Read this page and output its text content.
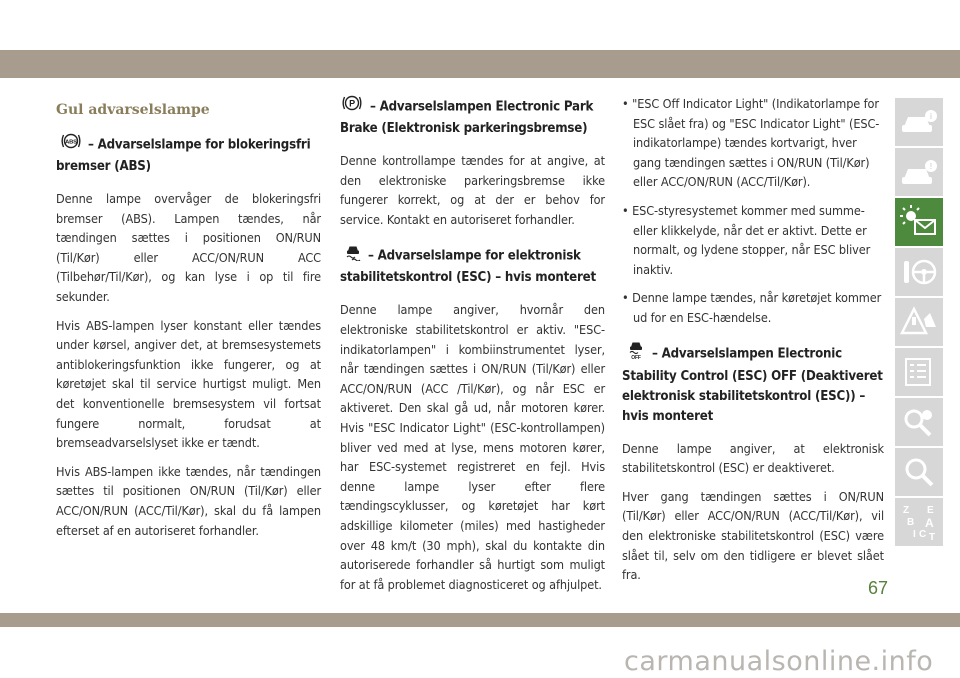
Gul advarselslampe
ABS – Advarselslampe for blokeringsfri bremser (ABS)

Denne lampe overvåger de blokeringsfri bremser (ABS). Lampen tændes, når tændingen sættes i positionen ON/RUN (Til/Kør) eller ACC/ON/RUN ACC (Tilbehør/Til/Kør), og kan lyse i op til fire sekunder.

Hvis ABS-lampen lyser konstant eller tændes under kørsel, angiver det, at bremsesystemets antiblokeringsfunktion ikke fungerer, og at køretøjet skal til service hurtigst muligt. Men det konventionelle bremsesystem vil fortsat fungere normalt, forudsat at bremseadvarselslyset ikke er tændt.

Hvis ABS-lampen ikke tændes, når tændingen sættes til positionen ON/RUN (Til/Kør) eller ACC/ON/RUN (ACC/Til/Kør), skal du få lampen efterset af en autoriseret forhandler.

P – Advarselslampen Electronic Park Brake (Elektronisk parkeringsbremse)

Denne kontrollampe tændes for at angive, at den elektroniske parkeringsbremse ikke fungerer korrekt, og at der er behov for service. Kontakt en autoriseret forhandler.

– Advarselslampe for elektronisk stabilitetskontrol (ESC) – hvis monteret

Denne lampe angiver, hvornår den elektroniske stabilitetskontrol er aktiv. "ESC-indikatorlampen" i kombiinstrumentet lyser, når tændingen sættes i ON/RUN (Til/Kør) eller ACC/ON/RUN (ACC /Til/Kør), og når ESC er aktiveret. Den skal gå ud, når motoren kører. Hvis "ESC Indicator Light" (ESC-kontrollampen) bliver ved med at lyse, mens motoren kører, har ESC-systemet registreret en fejl. Hvis denne lampe lyser efter flere tændingscyklusser, og køretøjet har kørt adskillige kilometer (miles) med hastigheder over 48 km/t (30 mph), skal du kontakte din autoriserede forhandler så hurtigt som muligt for at få problemet diagnosticeret og afhjulpet.

• "ESC Off Indicator Light" (Indikatorlampe for ESC slået fra) og "ESC Indicator Light" (ESC-indikatorlampe) tændes kortvarigt, hver gang tændingen sættes i ON/RUN (Til/Kør) eller ACC/ON/RUN (ACC/Til/Kør).

• ESC-styresystemet kommer med summe- eller klikkelyde, når det er aktivt. Dette er normalt, og lydene stopper, når ESC bliver inaktiv.

• Denne lampe tændes, når køretøjet kommer ud for en ESC-hændelse.

OFF – Advarselslampen Electronic Stability Control (ESC) OFF (Deaktiveret elektronisk stabilitetskontrol (ESC)) – hvis monteret

Denne lampe angiver, at elektronisk stabilitetskontrol (ESC) er deaktiveret.

Hver gang tændingen sættes i ON/RUN (Til/Kør) eller ACC/ON/RUN (ACC/Til/Kør), vil den elektroniske stabilitetskontrol (ESC) være slået til, selv om den tidligere er blevet slået fra.

i
!
Z E
B A
I C T
67
carmanualsonline.info
